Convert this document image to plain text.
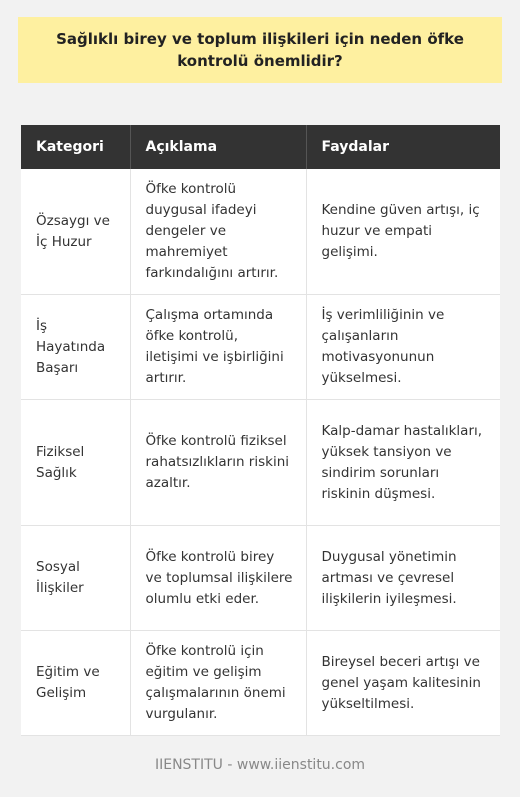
Sağlıklı birey ve toplum ilişkileri için neden öfke kontrolü önemlidir?
Kategori	Açıklama	Faydalar
Özsaygı ve İç Huzur	Öfke kontrolü duygusal ifadeyi dengeler ve mahremiyet farkındalığını artırır.	Kendine güven artışı, iç huzur ve empati gelişimi.
İş Hayatında Başarı	Çalışma ortamında öfke kontrolü, iletişimi ve işbirliğini artırır.	İş verimliliğinin ve çalışanların motivasyonunun yükselmesi.
Fiziksel Sağlık	Öfke kontrolü fiziksel rahatsızlıkların riskini azaltır.	Kalp-damar hastalıkları, yüksek tansiyon ve sindirim sorunları riskinin düşmesi.
Sosyal İlişkiler	Öfke kontrolü birey ve toplumsal ilişkilere olumlu etki eder.	Duygusal yönetimin artması ve çevresel ilişkilerin iyileşmesi.
Eğitim ve Gelişim	Öfke kontrolü için eğitim ve gelişim çalışmalarının önemi vurgulanır.	Bireysel beceri artışı ve genel yaşam kalitesinin yükseltilmesi.
IIENSTITU - www.iienstitu.com
